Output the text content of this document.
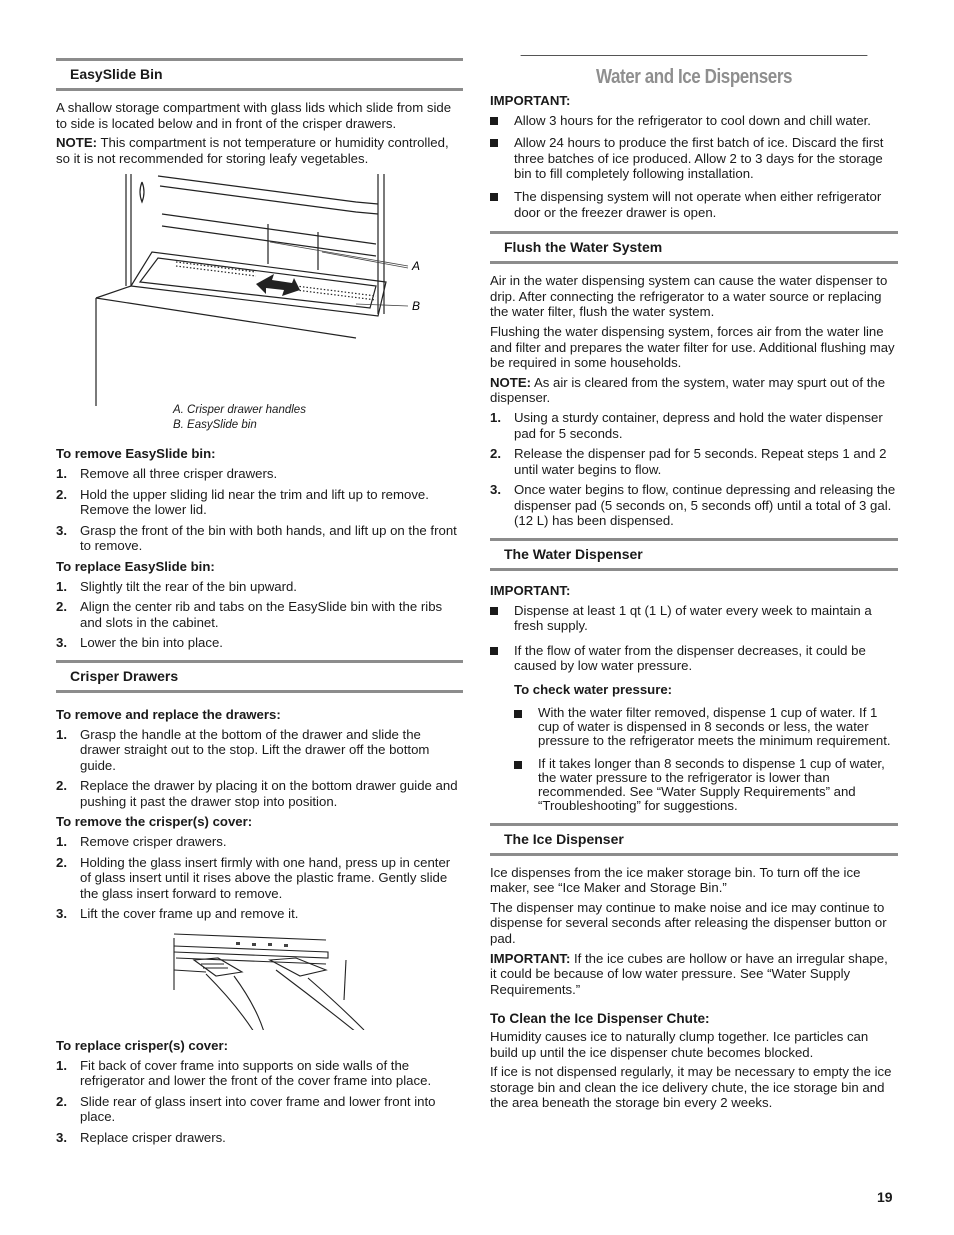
EasySlide Bin

A shallow storage compartment with glass lids which slide from side to side is located below and in front of the crisper drawers.

NOTE: This compartment is not temperature or humidity controlled, so it is not recommended for storing leafy vegetables.

A
B
A. Crisper drawer handles
B. EasySlide bin

To remove EasySlide bin:

1. Remove all three crisper drawers.
2. Hold the upper sliding lid near the trim and lift up to remove. Remove the lower lid.
3. Grasp the front of the bin with both hands, and lift up on the front to remove.

To replace EasySlide bin:

1. Slightly tilt the rear of the bin upward.
2. Align the center rib and tabs on the EasySlide bin with the ribs and slots in the cabinet.
3. Lower the bin into place.
Crisper Drawers

To remove and replace the drawers:

1. Grasp the handle at the bottom of the drawer and slide the drawer straight out to the stop. Lift the drawer off the bottom guide.
2. Replace the drawer by placing it on the bottom drawer guide and pushing it past the drawer stop into position.

To remove the crisper(s) cover:

1. Remove crisper drawers.
2. Holding the glass insert firmly with one hand, press up in center of glass insert until it rises above the plastic frame. Gently slide the glass insert forward to remove.
3. Lift the cover frame up and remove it.

To replace crisper(s) cover:

1. Fit back of cover frame into supports on side walls of the refrigerator and lower the front of the cover frame into place.
2. Slide rear of glass insert into cover frame and lower front into place.
3. Replace crisper drawers.
Water and Ice Dispensers

IMPORTANT:

Allow 3 hours for the refrigerator to cool down and chill water.
Allow 24 hours to produce the first batch of ice. Discard the first three batches of ice produced. Allow 2 to 3 days for the storage bin to fill completely following installation.
The dispensing system will not operate when either refrigerator door or the freezer drawer is open.
Flush the Water System

Air in the water dispensing system can cause the water dispenser to drip. After connecting the refrigerator to a water source or replacing the water filter, flush the water system.

Flushing the water dispensing system, forces air from the water line and filter and prepares the water filter for use. Additional flushing may be required in some households.

NOTE: As air is cleared from the system, water may spurt out of the dispenser.

1. Using a sturdy container, depress and hold the water dispenser pad for 5 seconds.
2. Release the dispenser pad for 5 seconds. Repeat steps 1 and 2 until water begins to flow.
3. Once water begins to flow, continue depressing and releasing the dispenser pad (5 seconds on, 5 seconds off) until a total of 3 gal. (12 L) has been dispensed.
The Water Dispenser

IMPORTANT:

Dispense at least 1 qt (1 L) of water every week to maintain a fresh supply.
If the flow of water from the dispenser decreases, it could be caused by low water pressure.

To check water pressure:

With the water filter removed, dispense 1 cup of water. If 1 cup of water is dispensed in 8 seconds or less, the water pressure to the refrigerator meets the minimum requirement.
If it takes longer than 8 seconds to dispense 1 cup of water, the water pressure to the refrigerator is lower than recommended. See “Water Supply Requirements” and “Troubleshooting” for suggestions.
The Ice Dispenser

Ice dispenses from the ice maker storage bin. To turn off the ice maker, see “Ice Maker and Storage Bin.”

The dispenser may continue to make noise and ice may continue to dispense for several seconds after releasing the dispenser button or pad.

IMPORTANT: If the ice cubes are hollow or have an irregular shape, it could be because of low water pressure. See “Water Supply Requirements.”

To Clean the Ice Dispenser Chute:

Humidity causes ice to naturally clump together. Ice particles can build up until the ice dispenser chute becomes blocked.

If ice is not dispensed regularly, it may be necessary to empty the ice storage bin and clean the ice delivery chute, the ice storage bin and the area beneath the storage bin every 2 weeks.

19
